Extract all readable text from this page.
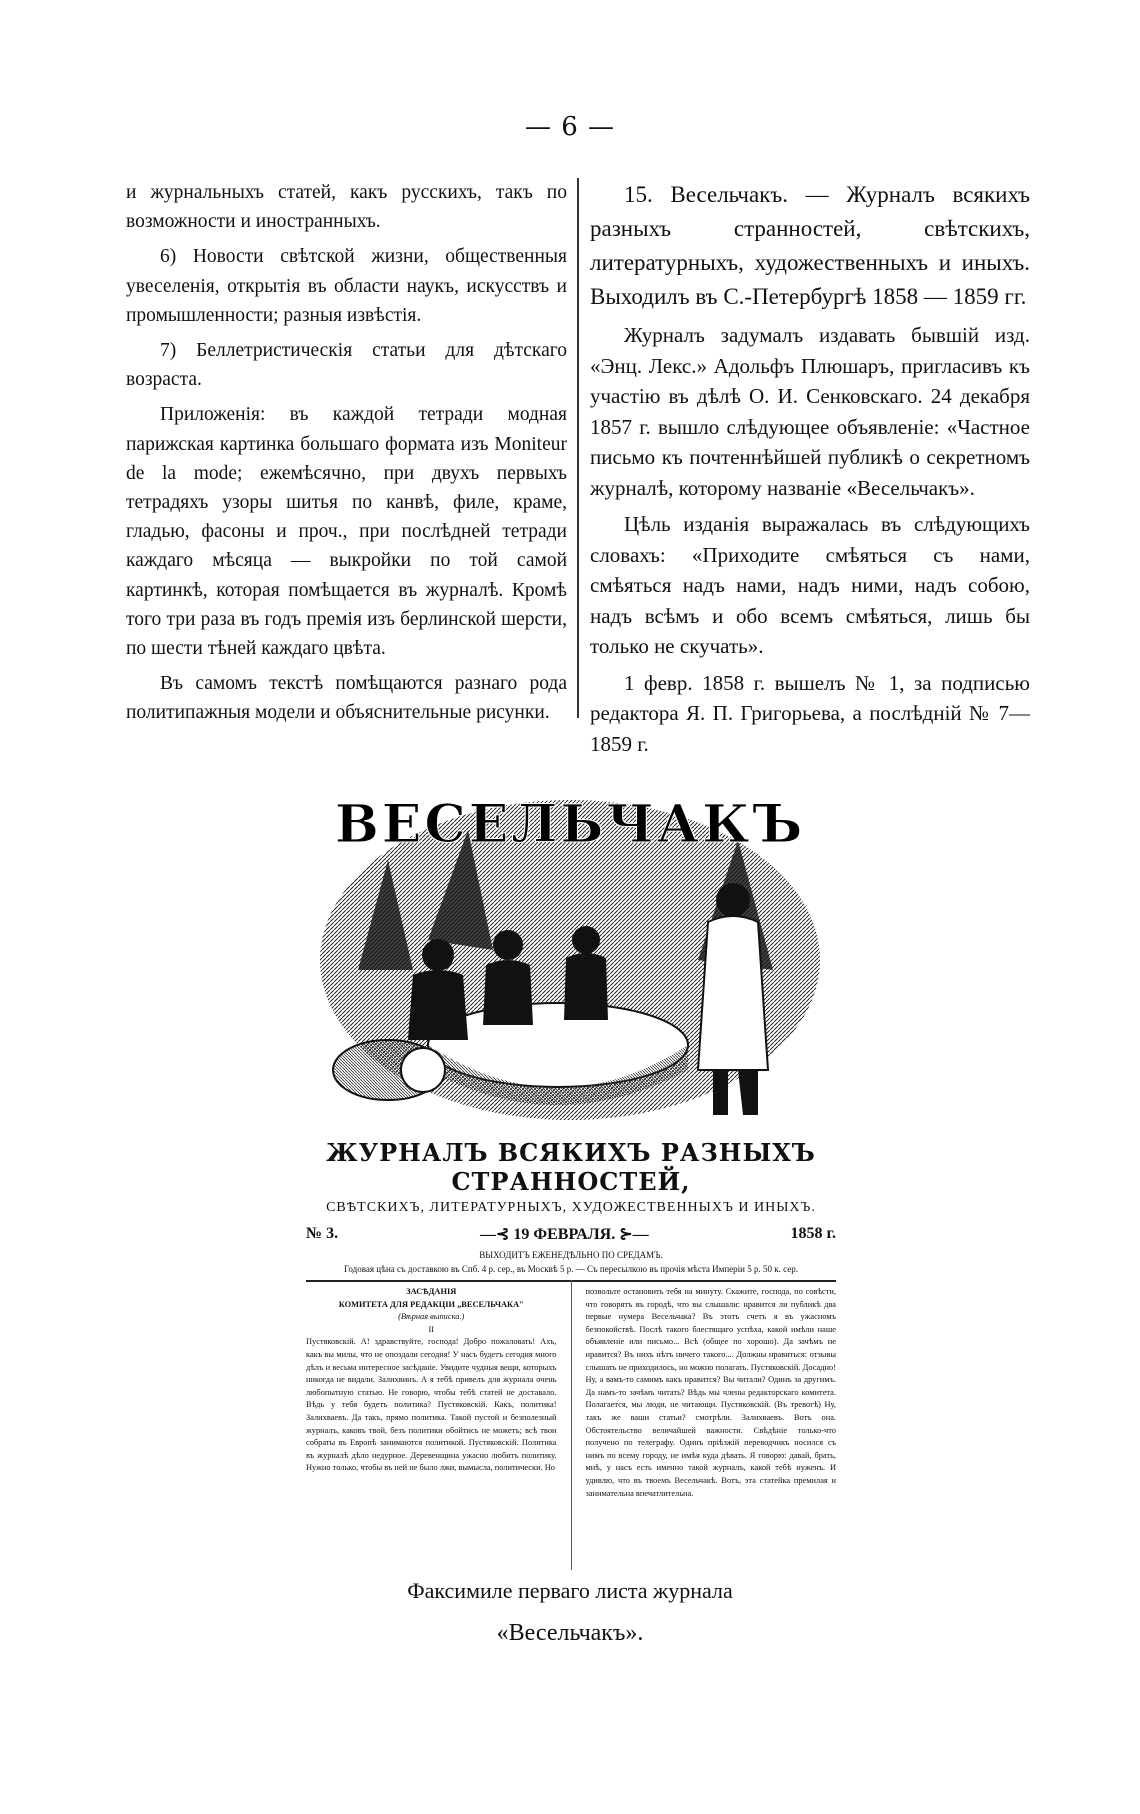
— 6 —

и журнальныхъ статей, какъ русскихъ, такъ по возможности и иностранныхъ.

6) Новости свѣтской жизни, общественныя увеселенія, открытія въ области наукъ, искусствъ и промышленности; разныя извѣстія.

7) Беллетристическія статьи для дѣтскаго возраста.

Приложенія: въ каждой тетради модная парижская картинка большаго формата изъ Moniteur de la mode; ежемѣсячно, при двухъ первыхъ тетрадяхъ узоры шитья по канвѣ, филе, краме, гладью, фасоны и проч., при послѣдней тетради каждаго мѣсяца — выкройки по той самой картинкѣ, которая помѣщается въ журналѣ. Кромѣ того три раза въ годъ премія изъ берлинской шерсти, по шести тѣней каждаго цвѣта.

Въ самомъ текстѣ помѣщаются разнаго рода политипажныя модели и объяснительные рисунки.

15. Весельчакъ. — Журналъ всякихъ разныхъ странностей, свѣтскихъ, литературныхъ, художественныхъ и иныхъ. Выходилъ въ С.-Петербургѣ 1858 — 1859 гг.

Журналъ задумалъ издавать бывшій изд. «Энц. Лекс.» Адольфъ Плюшаръ, пригласивъ къ участію въ дѣлѣ О. И. Сенковскаго. 24 декабря 1857 г. вышло слѣдующее объявленіе: «Частное письмо къ почтеннѣйшей публикѣ о секретномъ журналѣ, которому названіе «Весельчакъ».

Цѣль изданія выражалась въ слѣдующихъ словахъ: «Приходите смѣяться съ нами, смѣяться надъ нами, надъ ними, надъ собою, надъ всѣмъ и обо всемъ смѣяться, лишь бы только не скучать».

1 февр. 1858 г. вышелъ № 1, за подписью редактора Я. П. Григорьева, а послѣдній № 7— 1859 г.

ВЕСЕЛЬЧАКЪ
ЖУРНАЛЪ ВСЯКИХЪ РАЗНЫХЪ СТРАННОСТЕЙ,
СВѢТСКИХЪ, ЛИТЕРАТУРНЫХЪ, ХУДОЖЕСТВЕННЫХЪ И ИНЫХЪ.
№ 3.	—⊰ 19 ФЕВРАЛЯ. ⊱—	1858 г.
ВЫХОДИТЪ ЕЖЕНЕДѢЛЬНО ПО СРЕДАМЪ.
Годовая цѣна съ доставкою въ Спб. 4 р. сер., въ Москвѣ 5 р. — Съ пересылкою въ прочія мѣста Имперіи 5 р. 50 к. сер.

ЗАСѢДАНІЯ

КОМИТЕТА ДЛЯ РЕДАКЦІИ „ВЕСЕЛЬЧАКА"

(Вѣрная выписка.)

II

Пустяковскій. А! здравствуйте, господа! Добро пожаловать! Ахъ, какъ вы милы, что не опоздали сегодня! У насъ будетъ сегодня много дѣлъ и весьма интересное засѣданіе. Увидите чудныя вещи, которыхъ никогда не видали. Залихвинъ. А я тебѣ привелъ для журнала очень любопытную статью. Не говорю, чтобы тебѣ статей не доставало. Вѣдь у тебя будетъ политика? Пустяковскій. Какъ, политика! Залихваевъ. Да такъ, прямо политика. Такой пустой и безполезный журналъ, каковъ твой, безъ политики обойтись не можетъ; всѣ твои собраты въ Европѣ занимаются политикой. Пустяковскій. Политика въ журналѣ дѣло недурное. Деревенщина ужасно любитъ политику. Нужно только, чтобы въ ней не было лжи, вымысла, политически. Но

позвольте остановить тебя на минуту. Скажите, господа, по совѣсти, что говорятъ въ городѣ, что вы слышали: нравится ли публикѣ два первые нумера Весельчака? Въ этотъ счетъ я въ ужасномъ безпокойствѣ. Послѣ такого блестящаго успѣха, какой имѣли наше объявленіе или письмо... Всѣ (общее по хорошо). Да зачѣмъ не нравится? Въ нихъ нѣтъ ничего такого.... Должны нравиться: отзывы слышать не приходилось, но можно полагать. Пустяковскій. Досадно! Ну, а вамъ-то самимъ какъ нравится? Вы читали? Одинъ за другимъ. Да намъ-то зачѣмъ читать? Вѣдь мы члены редакторскаго комитета. Полагается, мы люди, не читающи. Пустяковскій. (Въ тревогѣ) Ну, такъ же ваши статьи? смотрѣли. Залихваевъ. Вотъ она. Обстоятельство величайшей важности. Свѣдѣніе только-что получено по телеграфу. Одинъ пріѣзжій переводчикъ носился съ нимъ по всему городу, не имѣя куда дѣвать. Я говорю: давай, брать, мнѣ, у насъ есть именно такой журналъ, какой тебѣ нуженъ. И удивлю, что въ твоемъ Весельчакѣ. Вотъ, эта статейка премилая и занимательна впечатлительна.

Факсимиле перваго листа журнала
«Весельчакъ».
